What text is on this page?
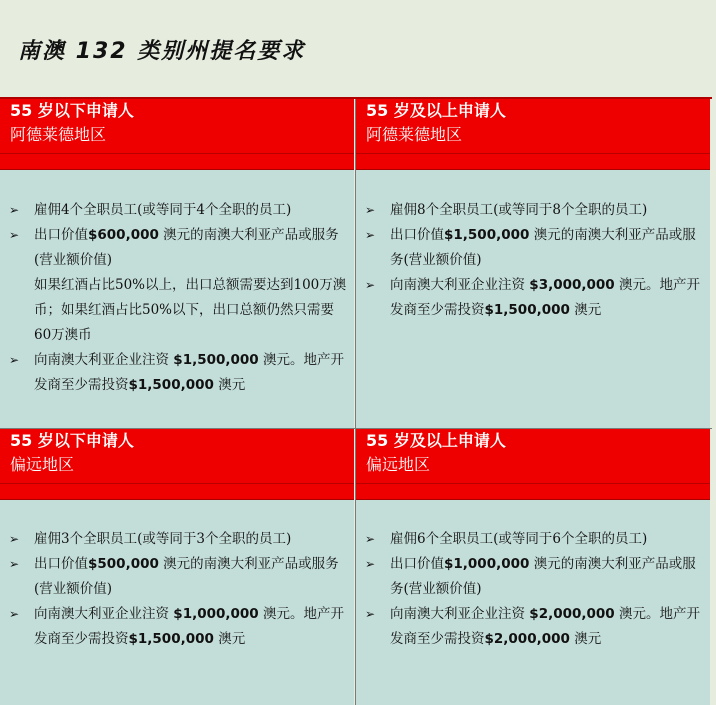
南澳 132 类别州提名要求
55 岁以下申请人
阿德莱德地区
➢ 雇佣4个全职员工(或等同于4个全职的员工)
➢ 出口价值$600,000 澳元的南澳大利亚产品或服务(营业额价值)
如果红酒占比50%以上，出口总额需要达到100万澳币；如果红酒占比50%以下，出口总额仍然只需要60万澳币
➢ 向南澳大利亚企业注资 $1,500,000 澳元。地产开发商至少需投资$1,500,000 澳元
55 岁以下申请人
偏远地区
➢ 雇佣3个全职员工(或等同于3个全职的员工)
➢ 出口价值$500,000 澳元的南澳大利亚产品或服务(营业额价值)
➢ 向南澳大利亚企业注资 $1,000,000 澳元。地产开发商至少需投资$1,500,000 澳元
55 岁及以上申请人
阿德莱德地区
➢ 雇佣8个全职员工(或等同于8个全职的员工)
➢ 出口价值$1,500,000 澳元的南澳大利亚产品或服务(营业额价值)
➢ 向南澳大利亚企业注资 $3,000,000 澳元。地产开发商至少需投资$1,500,000 澳元
55 岁及以上申请人
偏远地区
➢ 雇佣6个全职员工(或等同于6个全职的员工)
➢ 出口价值$1,000,000 澳元的南澳大利亚产品或服务(营业额价值)
➢ 向南澳大利亚企业注资 $2,000,000 澳元。地产开发商至少需投资$2,000,000 澳元
